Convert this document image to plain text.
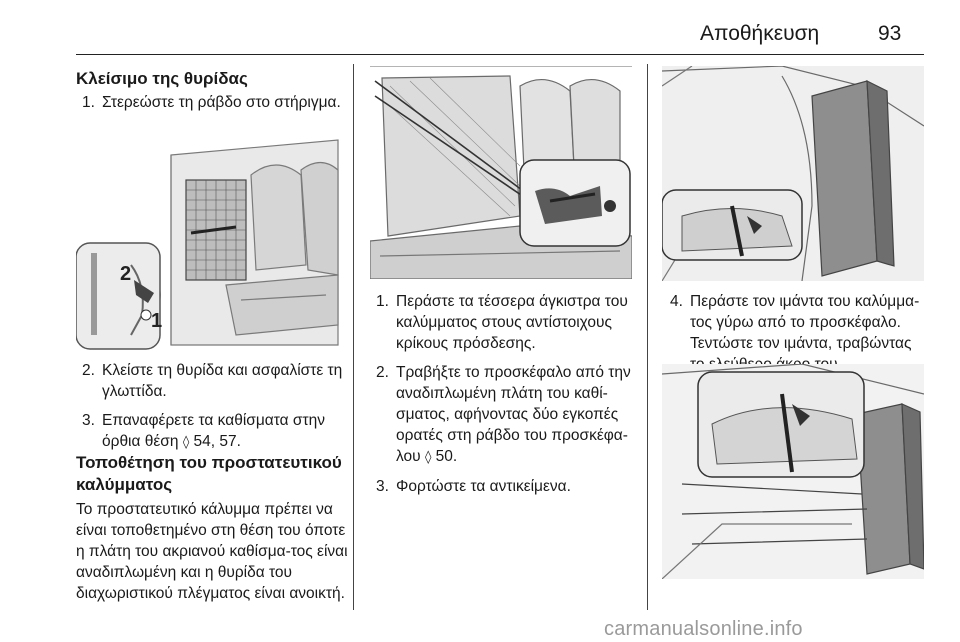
Αποθήκευση	93
Κλείσιμο της θυρίδας
1. Στερεώστε τη ράβδο στο στήριγμα.
2
1
2. Κλείστε τη θυρίδα και ασφαλίστε τη γλωττίδα.
3. Επαναφέρετε τα καθίσματα στην όρθια θέση ◊ 54, 57.
Τοποθέτηση του προστατευτικού καλύμματος
Το προστατευτικό κάλυμμα πρέπει να είναι τοποθετημένο στη θέση του όποτε η πλάτη του ακριανού καθίσμα-τος είναι αναδιπλωμένη και η θυρίδα του διαχωριστικού πλέγματος είναι ανοικτή.
1. Περάστε τα τέσσερα άγκιστρα του καλύμματος στους αντίστοιχους κρίκους πρόσδεσης.
2. Τραβήξτε το προσκέφαλο από την αναδιπλωμένη πλάτη του καθί-σματος, αφήνοντας δύο εγκοπές ορατές στη ράβδο του προσκέφα-λου ◊ 50.
3. Φορτώστε τα αντικείμενα.
4. Περάστε τον ιμάντα του καλύμμα-τος γύρω από το προσκέφαλο. Τεντώστε τον ιμάντα, τραβώντας
carmanualsonline.info
